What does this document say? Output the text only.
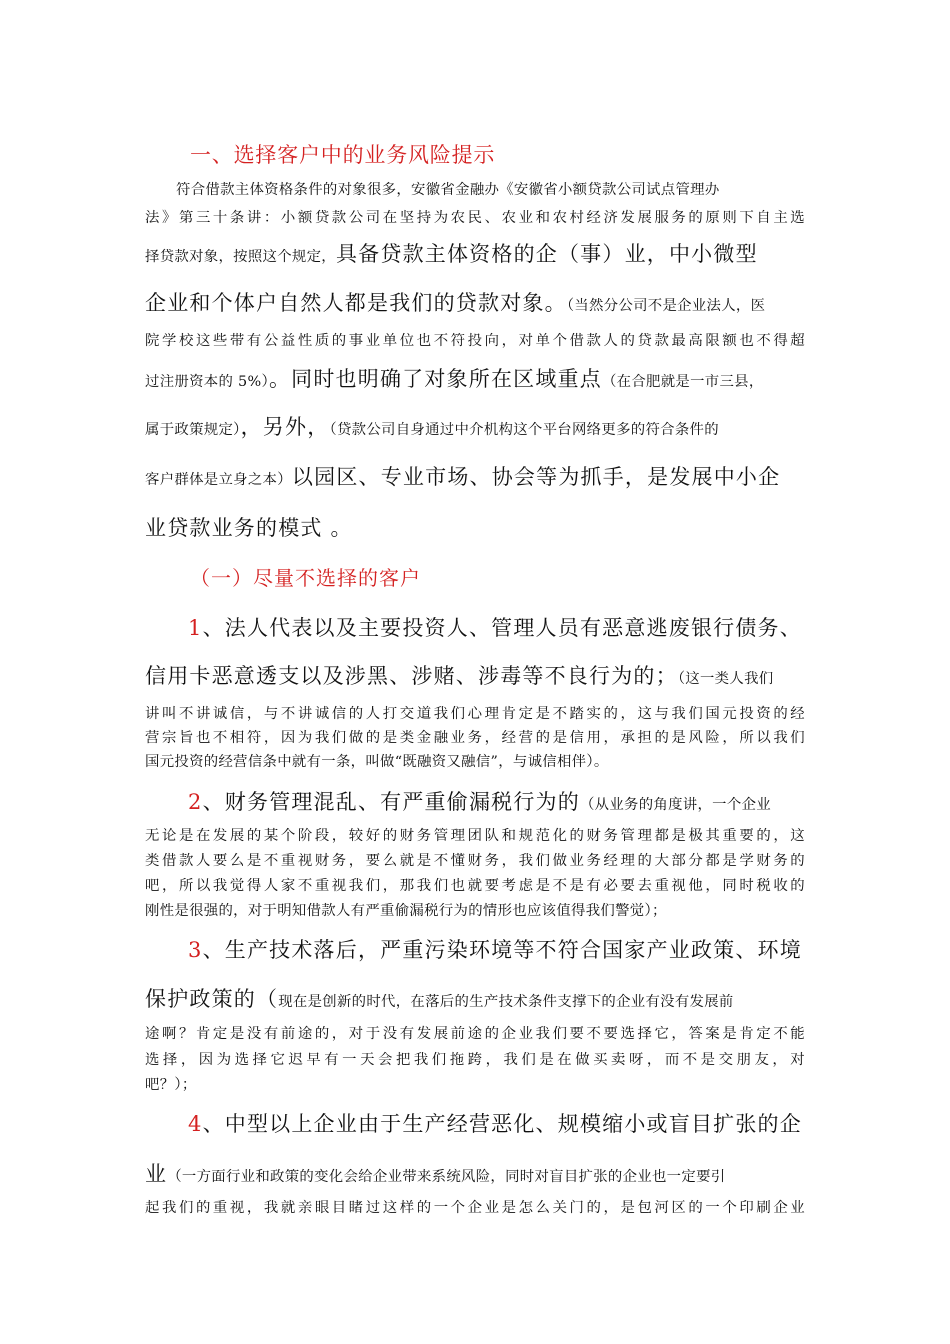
一、选择客户中的业务风险提示
符合借款主体资格条件的对象很多，安徽省金融办《安徽省小额贷款公司试点管理办
法》第三十条讲：小额贷款公司在坚持为农民、农业和农村经济发展服务的原则下自主选
择贷款对象，按照这个规定，具备贷款主体资格的企（事）业，中小微型
企业和个体户自然人都是我们的贷款对象。（当然分公司不是企业法人，医
院学校这些带有公益性质的事业单位也不符投向，对单个借款人的贷款最高限额也不得超
过注册资本的 5%）。同时也明确了对象所在区域重点（在合肥就是一市三县，
属于政策规定），另外，（贷款公司自身通过中介机构这个平台网络更多的符合条件的
客户群体是立身之本）以园区、专业市场、协会等为抓手，是发展中小企
业贷款业务的模式 。
（一）尽量不选择的客户
1、法人代表以及主要投资人、管理人员有恶意逃废银行债务、
信用卡恶意透支以及涉黑、涉赌、涉毒等不良行为的；（这一类人我们
讲叫不讲诚信，与不讲诚信的人打交道我们心理肯定是不踏实的，这与我们国元投资的经
营宗旨也不相符，因为我们做的是类金融业务，经营的是信用，承担的是风险，所以我们
国元投资的经营信条中就有一条，叫做“既融资又融信”，与诚信相伴）。
2、财务管理混乱、有严重偷漏税行为的（从业务的角度讲，一个企业
无论是在发展的某个阶段，较好的财务管理团队和规范化的财务管理都是极其重要的，这
类借款人要么是不重视财务，要么就是不懂财务，我们做业务经理的大部分都是学财务的
吧，所以我觉得人家不重视我们，那我们也就要考虑是不是有必要去重视他，同时税收的
刚性是很强的，对于明知借款人有严重偷漏税行为的情形也应该值得我们警觉）；
3、生产技术落后，严重污染环境等不符合国家产业政策、环境
保护政策的（现在是创新的时代，在落后的生产技术条件支撑下的企业有没有发展前
途啊？肯定是没有前途的，对于没有发展前途的企业我们要不要选择它，答案是肯定不能
选择，因为选择它迟早有一天会把我们拖跨，我们是在做买卖呀，而不是交朋友，对
吧？）；
4、中型以上企业由于生产经营恶化、规模缩小或盲目扩张的企
业（一方面行业和政策的变化会给企业带来系统风险，同时对盲目扩张的企业也一定要引
起我们的重视，我就亲眼目睹过这样的一个企业是怎么关门的，是包河区的一个印刷企业
